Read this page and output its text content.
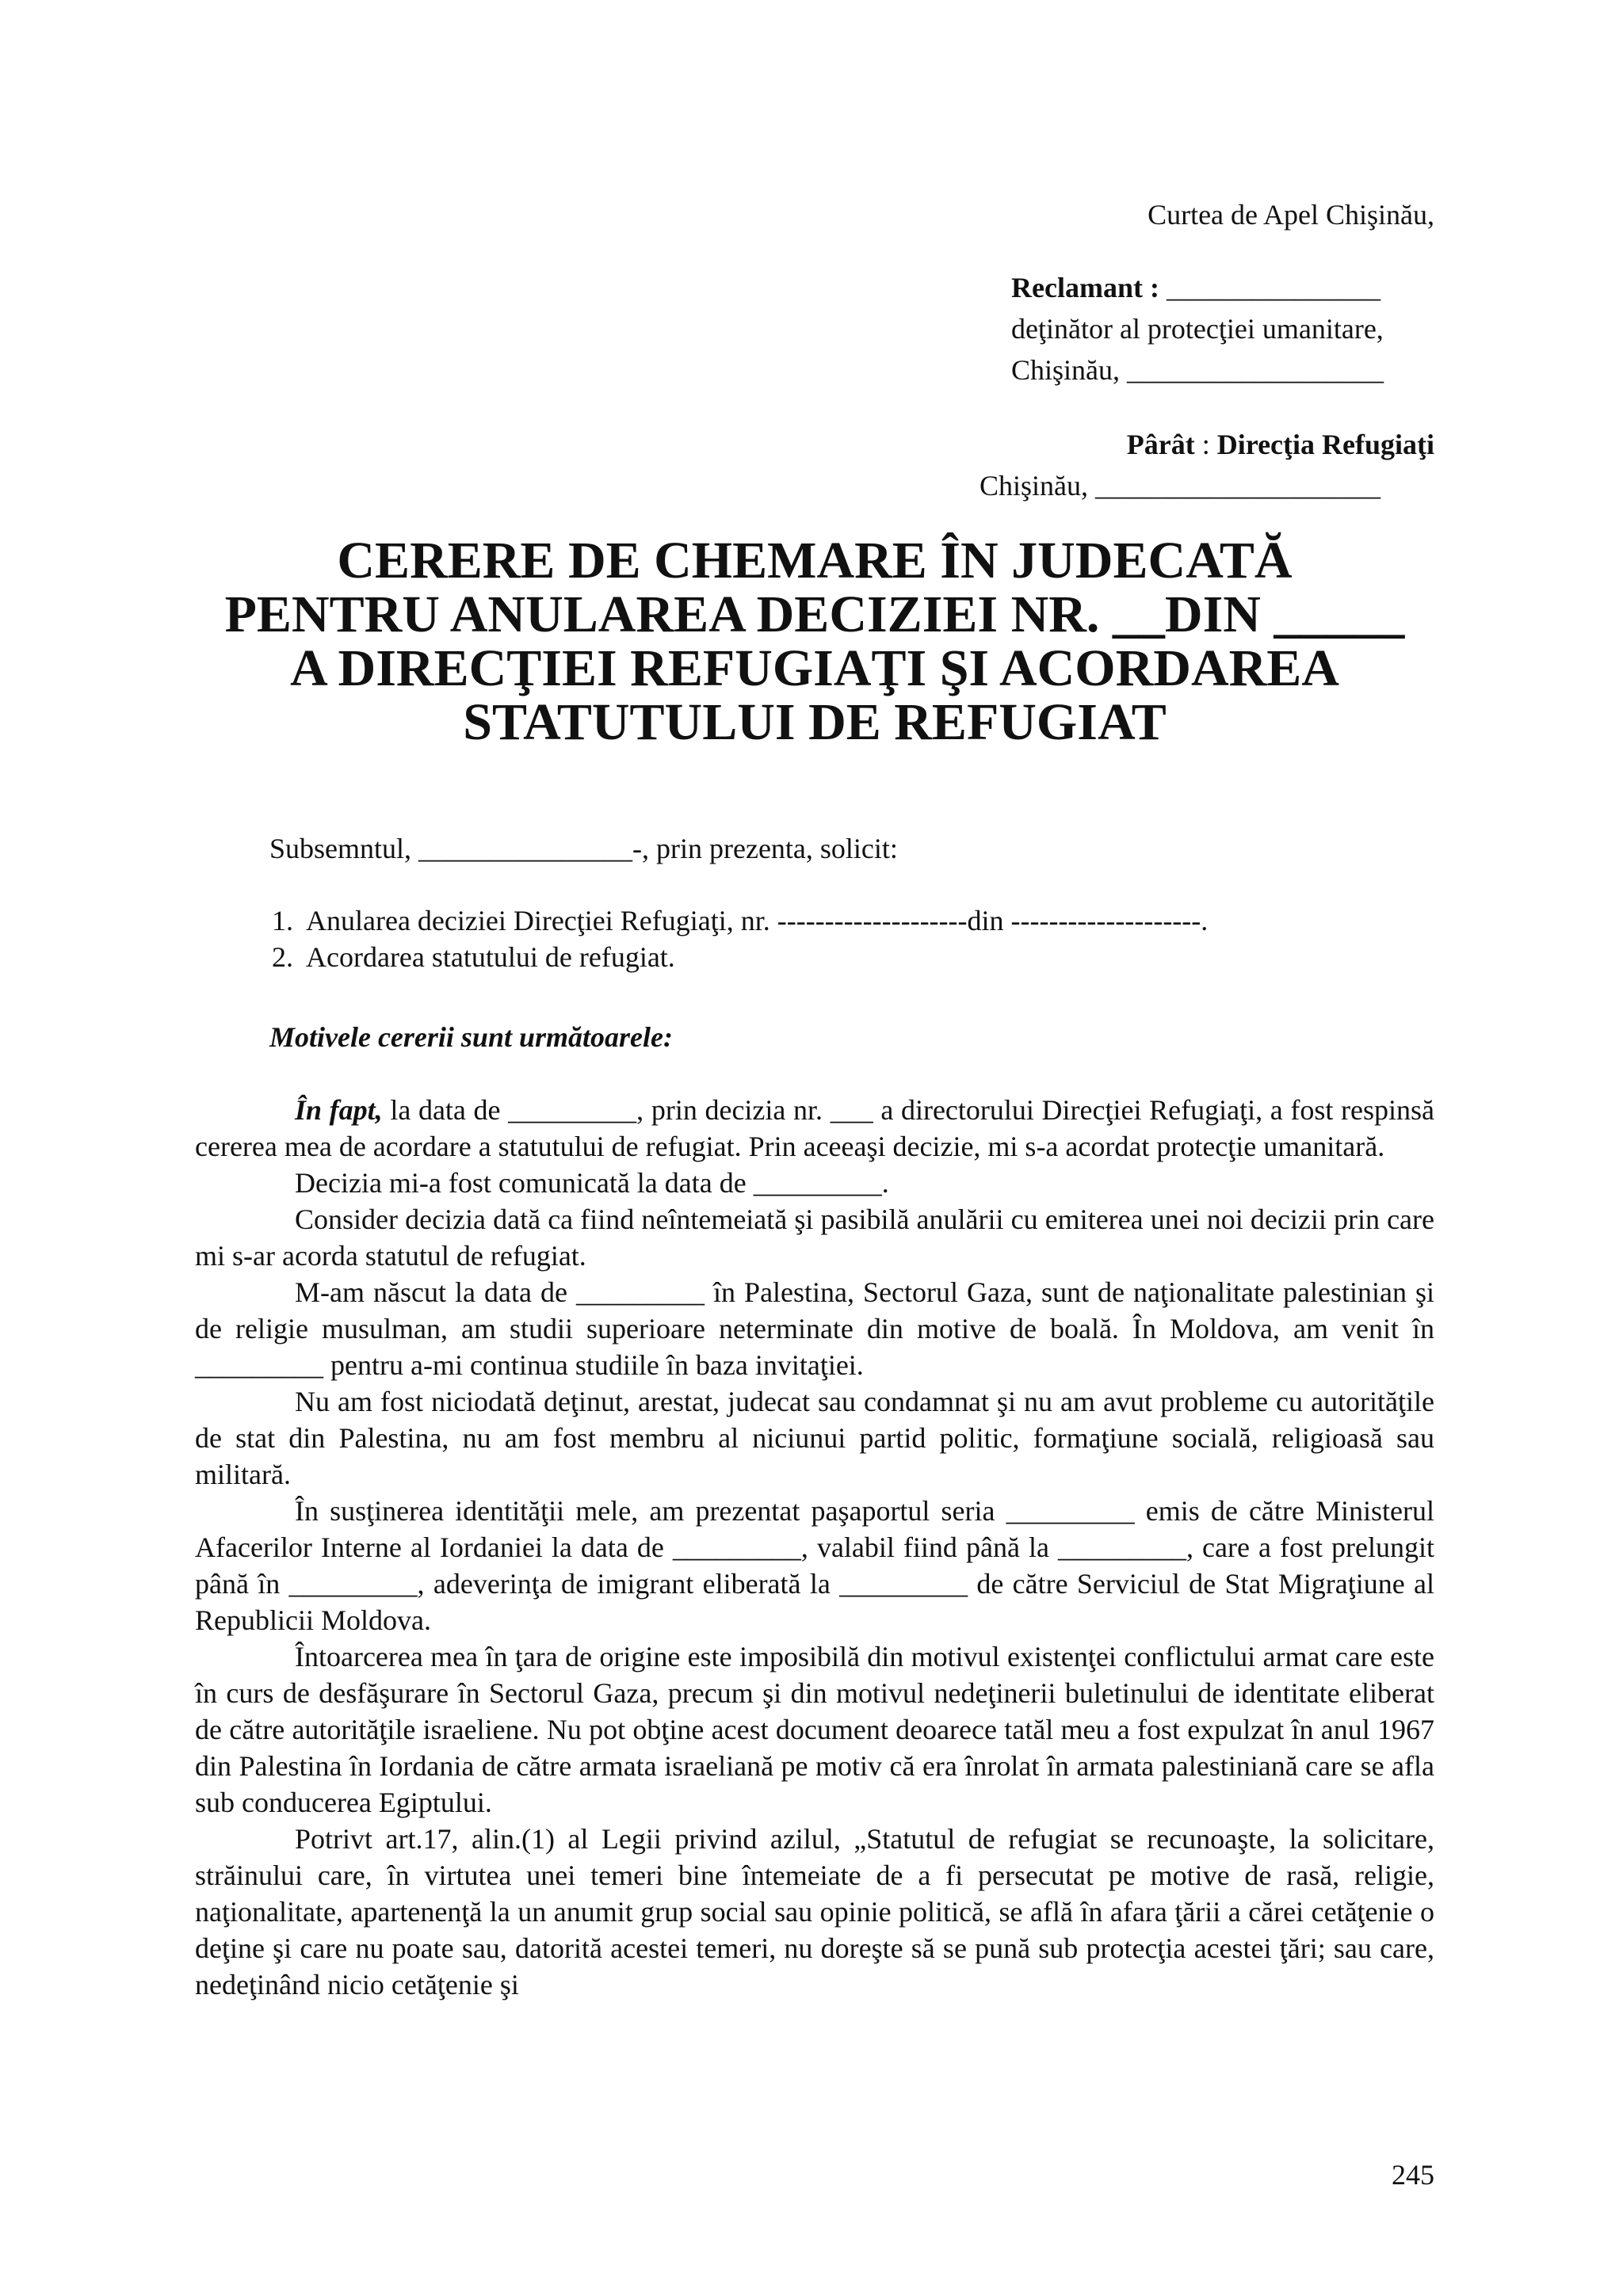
Curtea de Apel Chişinău,
Reclamant : _______________
deţinător al protecţiei umanitare,
Chişinău, __________________
Pârât : Direcţia Refugiaţi
Chişinău, ____________________
CERERE DE CHEMARE ÎN JUDECATĂ
PENTRU ANULAREA DECIZIEI NR. __DIN _____
A DIRECŢIEI REFUGIAŢI ŞI ACORDAREA
STATUTULUI DE REFUGIAT
Subsemntul, _______________-, prin prezenta, solicit:
1. Anularea deciziei Direcţiei Refugiaţi, nr. --------------------din --------------------.
2. Acordarea statutului de refugiat.
Motivele cererii sunt următoarele:

În fapt, la data de _________, prin decizia nr. ___ a directorului Direcţiei Refugiaţi, a fost respinsă cererea mea de acordare a statutului de refugiat. Prin aceeaşi decizie, mi s-a acordat protecţie umanitară.

Decizia mi-a fost comunicată la data de _________.

Consider decizia dată ca fiind neîntemeiată şi pasibilă anulării cu emiterea unei noi decizii prin care mi s-ar acorda statutul de refugiat.

M-am născut la data de _________ în Palestina, Sectorul Gaza, sunt de naţionalitate palestinian şi de religie musulman, am studii superioare neterminate din motive de boală. În Moldova, am venit în _________ pentru a-mi continua studiile în baza invitaţiei.

Nu am fost niciodată deţinut, arestat, judecat sau condamnat şi nu am avut probleme cu autorităţile de stat din Palestina, nu am fost membru al niciunui partid politic, formaţiune socială, religioasă sau militară.

În susţinerea identităţii mele, am prezentat paşaportul seria _________ emis de către Ministerul Afacerilor Interne al Iordaniei la data de _________, valabil fiind până la _________, care a fost prelungit până în _________, adeverinţa de imigrant eliberată la _________ de către Serviciul de Stat Migraţiune al Republicii Moldova.

Întoarcerea mea în ţara de origine este imposibilă din motivul existenţei conflictului armat care este în curs de desfăşurare în Sectorul Gaza, precum şi din motivul nedeţinerii buletinului de identitate eliberat de către autorităţile israeliene. Nu pot obţine acest document deoarece tatăl meu a fost expulzat în anul 1967 din Palestina în Iordania de către armata israeliană pe motiv că era înrolat în armata palestiniană care se afla sub conducerea Egiptului.

Potrivt art.17, alin.(1) al Legii privind azilul, „Statutul de refugiat se recunoaşte, la solicitare, străinului care, în virtutea unei temeri bine întemeiate de a fi persecutat pe motive de rasă, religie, naţionalitate, apartenenţă la un anumit grup social sau opinie politică, se află în afara ţării a cărei cetăţenie o deţine şi care nu poate sau, datorită acestei temeri, nu doreşte să se pună sub protecţia acestei ţări; sau care, nedeţinând nicio cetăţenie şi

245
